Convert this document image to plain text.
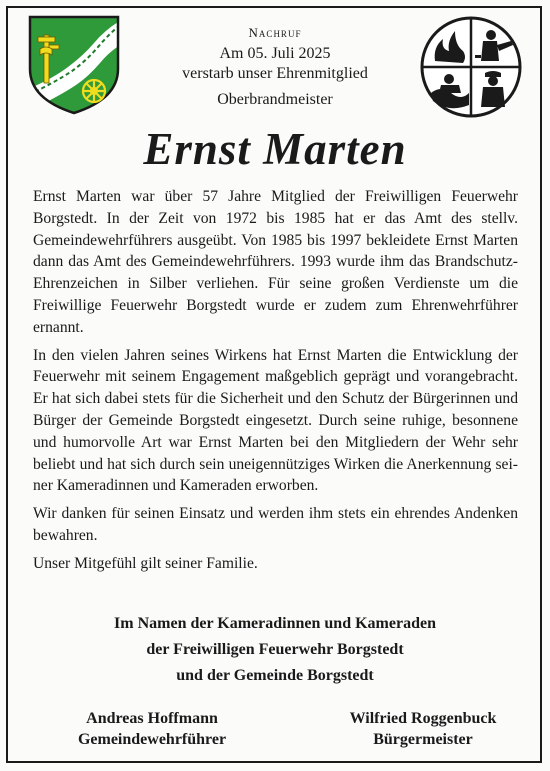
Nachruf
Am 05. Juli 2025
verstarb unser Ehrenmitglied
Oberbrandmeister
Ernst Marten

Ernst Marten war über 57 Jahre Mitglied der Freiwilligen Feuerwehr Borgstedt. In der Zeit von 1972 bis 1985 hat er das Amt des stellv. Gemeindewehrführers ausgeübt. Von 1985 bis 1997 bekleidete Ernst Marten dann das Amt des Gemeindewehrführers. 1993 wurde ihm das Brandschutz-Ehrenzeichen in Silber verliehen. Für seine großen Verdienste um die Freiwillige Feuerwehr Borgstedt wurde er zudem zum Ehrenwehrführer ernannt.

In den vielen Jahren seines Wirkens hat Ernst Marten die Entwicklung der Feuerwehr mit seinem Engagement maßgeblich geprägt und vorangebracht. Er hat sich dabei stets für die Sicherheit und den Schutz der Bürgerinnen und Bürger der Gemeinde Borgstedt eingesetzt. Durch seine ruhige, besonnene und humorvolle Art war Ernst Marten bei den Mitgliedern der Wehr sehr beliebt und hat sich durch sein uneigennütziges Wirken die Anerkennung seiner Kameradinnen und Kameraden erworben.

Wir danken für seinen Einsatz und werden ihm stets ein ehrendes Andenken bewahren.

Unser Mitgefühl gilt seiner Familie.

Im Namen der Kameradinnen und Kameraden
der Freiwilligen Feuerwehr Borgstedt
und der Gemeinde Borgstedt
Andreas Hoffmann
Gemeindewehrführer
Wilfried Roggenbuck
Bürgermeister
